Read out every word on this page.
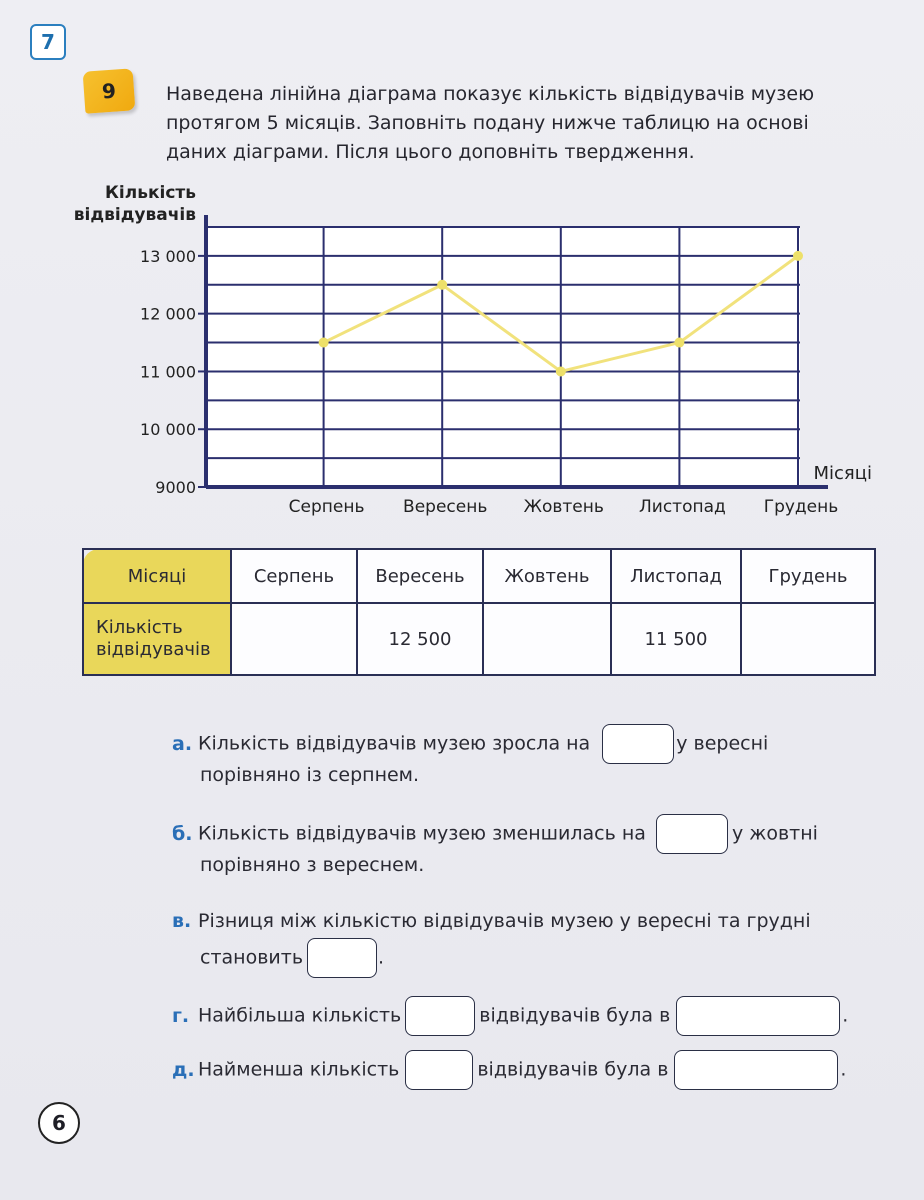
7
9	Наведена лінійна діаграма показує кількість відвідувачів музею
протягом 5 місяців. Заповніть подану нижче таблицю на основі
даних діаграми. Після цього доповніть твердження.
9000
10 000
11 000
12 000
13 000
Кількість
відвідувачів
Місяці
Серпень Вересень Жовтень Листопад Грудень
Місяці	Серпень	Вересень	Жовтень	Листопад	Грудень

Кількість
відвідувачів		12 500		11 500	
а. Кількість відвідувачів музею зросла на	у вересні
порівняно із серпнем.
б. Кількість відвідувачів музею зменшилась на	у жовтні
порівняно з вереснем.
в. Різниця між кількістю відвідувачів музею у вересні та грудні
становить	.
г. Найбільша кількість	відвідувачів була в	.
д. Найменша кількість	відвідувачів була в	.
6
